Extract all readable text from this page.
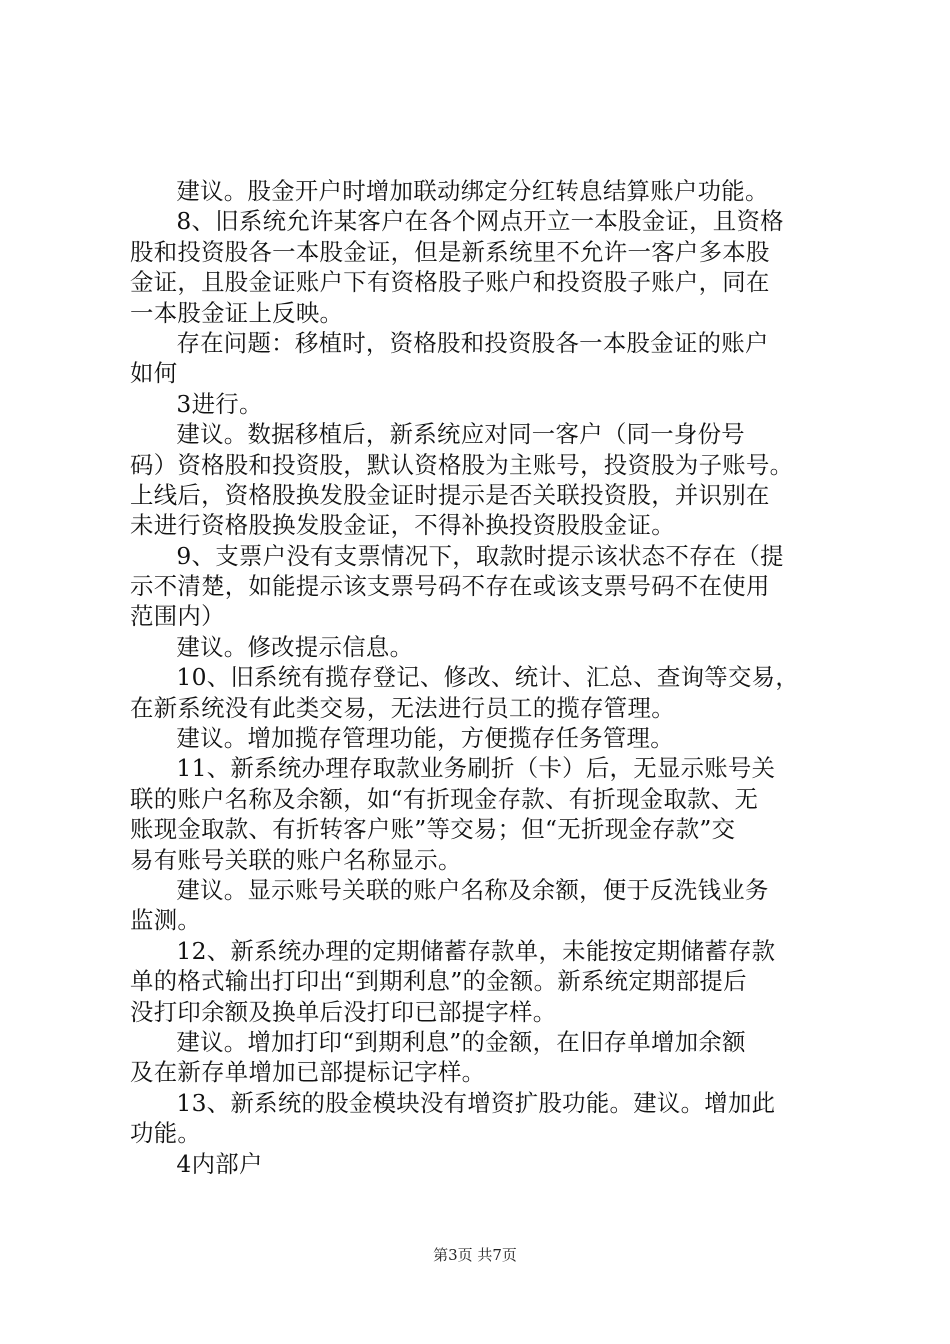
建议。股金开户时增加联动绑定分红转息结算账户功能。
8、旧系统允许某客户在各个网点开立一本股金证，且资格
股和投资股各一本股金证，但是新系统里不允许一客户多本股
金证，且股金证账户下有资格股子账户和投资股子账户，同在
一本股金证上反映。
存在问题：移植时，资格股和投资股各一本股金证的账户
如何
3进行。
建议。数据移植后，新系统应对同一客户（同一身份号
码）资格股和投资股，默认资格股为主账号，投资股为子账号。
上线后，资格股换发股金证时提示是否关联投资股，并识别在
未进行资格股换发股金证，不得补换投资股股金证。
9、支票户没有支票情况下，取款时提示该状态不存在（提
示不清楚，如能提示该支票号码不存在或该支票号码不在使用
范围内）
建议。修改提示信息。
10、旧系统有揽存登记、修改、统计、汇总、查询等交易，
在新系统没有此类交易，无法进行员工的揽存管理。
建议。增加揽存管理功能，方便揽存任务管理。
11、新系统办理存取款业务刷折（卡）后，无显示账号关
联的账户名称及余额，如“有折现金存款、有折现金取款、无
账现金取款、有折转客户账”等交易；但“无折现金存款”交
易有账号关联的账户名称显示。
建议。显示账号关联的账户名称及余额，便于反洗钱业务
监测。
12、新系统办理的定期储蓄存款单，未能按定期储蓄存款
单的格式输出打印出“到期利息”的金额。新系统定期部提后
没打印余额及换单后没打印已部提字样。
建议。增加打印“到期利息”的金额，在旧存单增加余额
及在新存单增加已部提标记字样。
13、新系统的股金模块没有增资扩股功能。建议。增加此
功能。
4内部户
第3页 共7页
